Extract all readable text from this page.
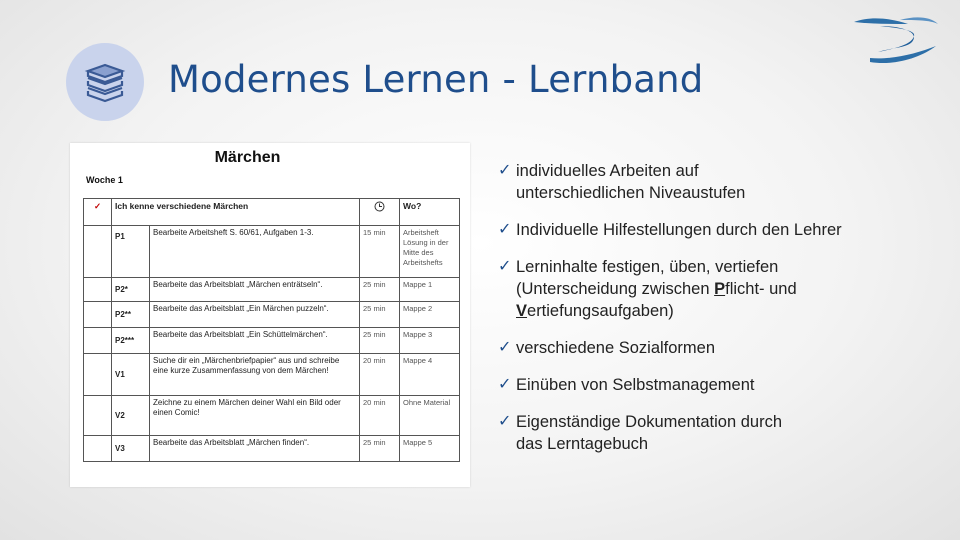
Modernes Lernen - Lernband
Märchen
Woche 1
✓	Ich kenne verschiedene Märchen			Wo?
	P1	Bearbeite Arbeitsheft S. 60/61, Aufgaben 1-3.	15 min	Arbeitsheft
Lösung in der Mitte des Arbeitshefts
	P2*	Bearbeite das Arbeitsblatt „Märchen enträtseln“.	25 min	Mappe 1
	P2**	Bearbeite das Arbeitsblatt „Ein Märchen puzzeln“.	25 min	Mappe 2
	P2***	Bearbeite das Arbeitsblatt „Ein Schüttelmärchen“.	25 min	Mappe 3
	V1	Suche dir ein „Märchenbriefpapier“ aus und schreibe eine kurze Zusammenfassung von dem Märchen!	20 min	Mappe 4
	V2	Zeichne zu einem Märchen deiner Wahl ein Bild oder einen Comic!	20 min	Ohne Material
	V3	Bearbeite das Arbeitsblatt „Märchen finden“.	25 min	Mappe 5
✓ individuelles Arbeiten auf
unterschiedlichen Niveaustufen
✓ Individuelle Hilfestellungen durch den Lehrer
✓ Lerninhalte festigen, üben, vertiefen
(Unterscheidung zwischen Pflicht- und
Vertiefungsaufgaben)
✓ verschiedene Sozialformen
✓ Einüben von Selbstmanagement
✓ Eigenständige Dokumentation durch
das Lerntagebuch
